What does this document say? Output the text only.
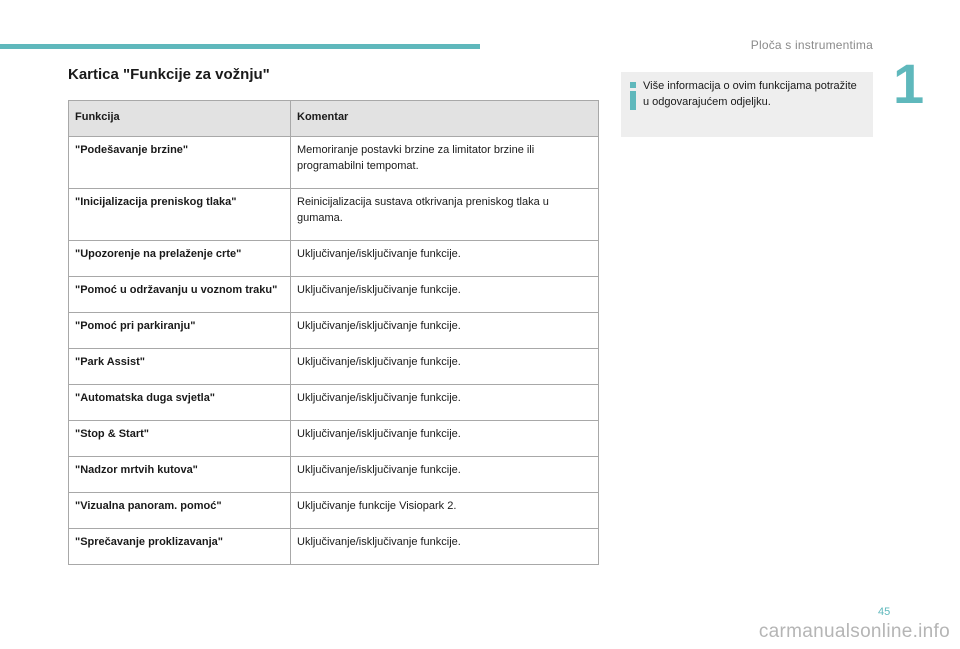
Ploča s instrumentima
1
Kartica "Funkcije za vožnju"
Funkcija	Komentar
"Podešavanje brzine"	Memoriranje postavki brzine za limitator brzine ili programabilni tempomat.
"Inicijalizacija preniskog tlaka"	Reinicijalizacija sustava otkrivanja preniskog tlaka u gumama.
"Upozorenje na prelaženje crte"	Uključivanje/isključivanje funkcije.
"Pomoć u održavanju u voznom traku"	Uključivanje/isključivanje funkcije.
"Pomoć pri parkiranju"	Uključivanje/isključivanje funkcije.
"Park Assist"	Uključivanje/isključivanje funkcije.
"Automatska duga svjetla"	Uključivanje/isključivanje funkcije.
"Stop & Start"	Uključivanje/isključivanje funkcije.
"Nadzor mrtvih kutova"	Uključivanje/isključivanje funkcije.
"Vizualna panoram. pomoć"	Uključivanje funkcije Visiopark 2.
"Sprečavanje proklizavanja"	Uključivanje/isključivanje funkcije.
Više informacija o ovim funkcijama potražite u odgovarajućem odjeljku.
45
carmanualsonline.info
